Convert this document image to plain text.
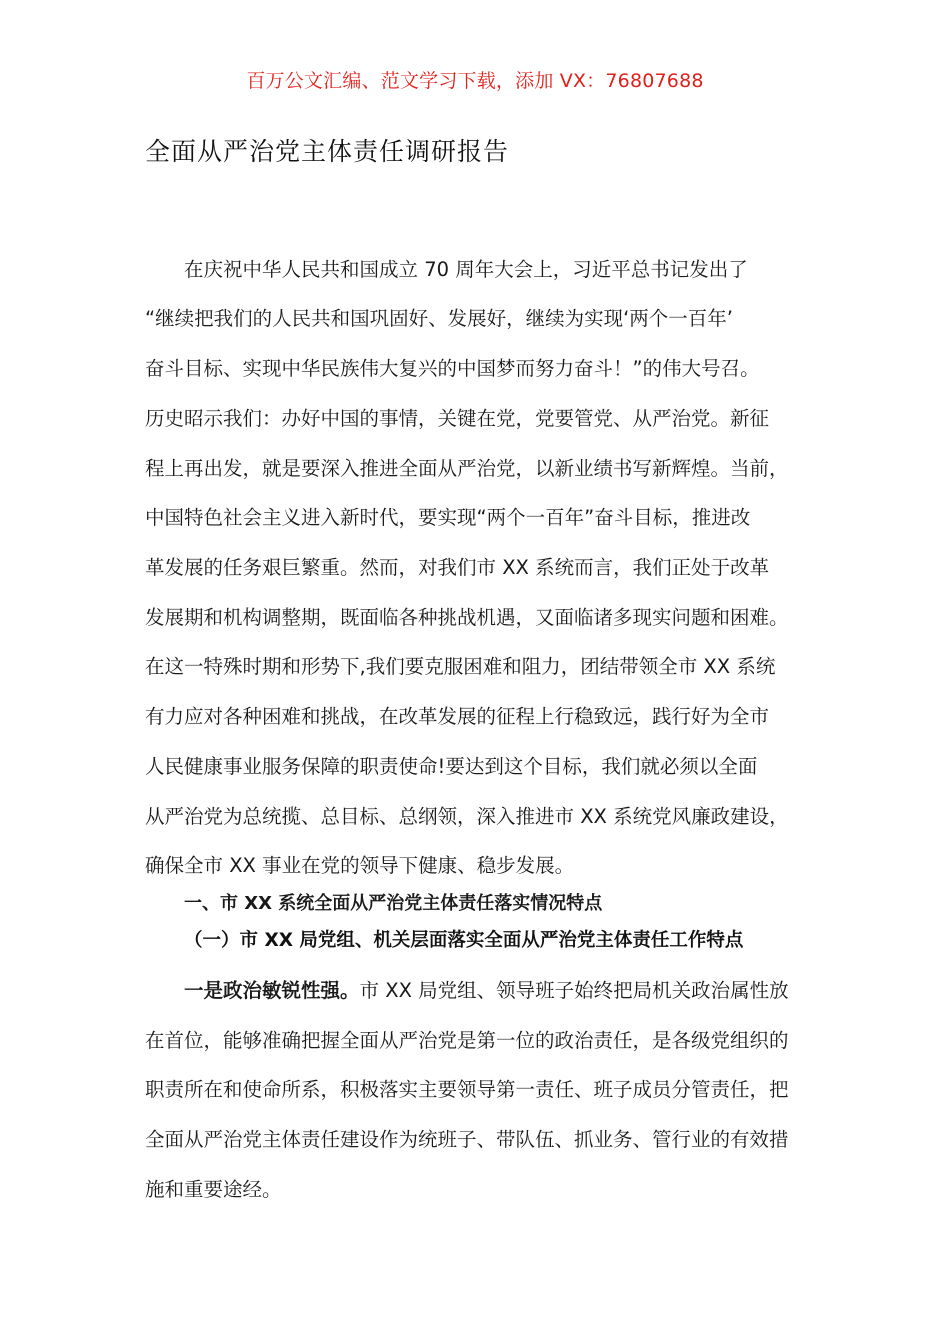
百万公文汇编、范文学习下载，添加 VX：76807688
全面从严治党主体责任调研报告

在庆祝中华人民共和国成立 70 周年大会上，习近平总书记发出了

“继续把我们的人民共和国巩固好、发展好，继续为实现‘两个一百年’

奋斗目标、实现中华民族伟大复兴的中国梦而努力奋斗！”的伟大号召。

历史昭示我们：办好中国的事情，关键在党，党要管党、从严治党。新征

程上再出发，就是要深入推进全面从严治党，以新业绩书写新辉煌。当前，

中国特色社会主义进入新时代，要实现“两个一百年”奋斗目标，推进改

革发展的任务艰巨繁重。然而，对我们市 XX 系统而言，我们正处于改革

发展期和机构调整期，既面临各种挑战机遇，又面临诸多现实问题和困难。

在这一特殊时期和形势下,我们要克服困难和阻力，团结带领全市 XX 系统

有力应对各种困难和挑战，在改革发展的征程上行稳致远，践行好为全市

人民健康事业服务保障的职责使命!要达到这个目标，我们就必须以全面

从严治党为总统揽、总目标、总纲领，深入推进市 XX 系统党风廉政建设，

确保全市 XX 事业在党的领导下健康、稳步发展。

一、市 XX 系统全面从严治党主体责任落实情况特点
（一）市 XX 局党组、机关层面落实全面从严治党主体责任工作特点

一是政治敏锐性强。市 XX 局党组、领导班子始终把局机关政治属性放

在首位，能够准确把握全面从严治党是第一位的政治责任，是各级党组织的

职责所在和使命所系，积极落实主要领导第一责任、班子成员分管责任，把

全面从严治党主体责任建设作为统班子、带队伍、抓业务、管行业的有效措

施和重要途经。
